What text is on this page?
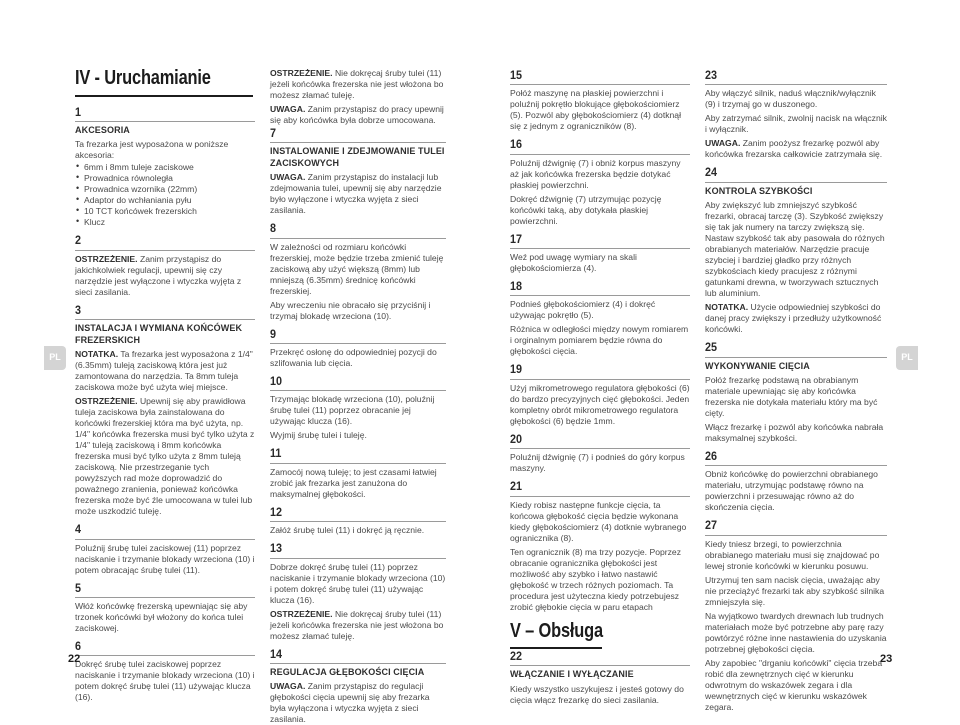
PL	PL
IV - Uruchamianie
1
AKCESORIA
Ta frezarka jest wyposażona w poniższe akcesoria:
• 6mm i 8mm tuleje zaciskowe
• Prowadnica równoległa
• Prowadnica wzornika (22mm)
• Adaptor do wchłaniania pyłu
• 10 TCT końcówek frezerskich
• Klucz
2
OSTRZEŻENIE. Zanim przystąpisz do jakichkolwiek regulacji, upewnij się czy narzędzie jest wyłączone i wtyczka wyjęta z sieci zasilania.
3
INSTALACJA I WYMIANA KOŃCÓWEK FREZERSKICH
NOTATKA. Ta frezarka jest wyposażona z 1/4" (6.35mm) tuleją zaciskową która jest już zamontowana do narzędzia. Ta 8mm tuleja zaciskowa może być użyta wiej miejsce.
OSTRZEŻENIE. Upewnij się aby prawidłowa tuleja zaciskowa była zainstalowana do końcówki frezerskiej która ma być użyta, np. 1/4" końcówka frezerska musi być tylko użyta z 1/4" tuleją zaciskową i 8mm końcówka frezerska musi być tylko użyta z 8mm tuleją zaciskową. Nie przestrzeganie tych powyższych rad może doprowadzić do poważnego zranienia, ponieważ końcówka frezerska może być źle umocowana w tulei lub może uszkodzić tuleję.
4
Poluźnij śrubę tulei zaciskowej (11) poprzez naciskanie i trzymanie blokady wrzeciona (10) i potem obracając śrubę tulei (11).
5
Włóż końcówkę frezerską upewniając się aby trzonek końcówki był włożony do końca tulei zaciskowej.
6
Dokręć śrubę tulei zaciskowej poprzez naciskanie i trzymanie blokady wrzeciona (10) i potem dokręć śrubę tulei (11) używając klucza (16).
OSTRZEŻENIE. Nie dokręcaj śruby tulei (11) jeżeli końcówka frezerska nie jest włożona bo możesz złamać tuleję.
UWAGA. Zanim przystąpisz do pracy upewnij się aby końcówka była dobrze umocowana.
7
INSTALOWANIE I ZDEJMOWANIE TULEI ZACISKOWYCH
UWAGA. Zanim przystąpisz do instalacji lub zdejmowania tulei, upewnij się aby narzędzie było wyłączone i wtyczka wyjęta z sieci zasilania.
8
W zależności od rozmiaru końcówki frezerskiej, może będzie trzeba zmienić tuleję zaciskową aby użyć większą (8mm) lub mniejszą (6.35mm) średnicę końcówki frezerskiej.
Aby wreczeniu nie obracało się przyciśnij i trzymaj blokadę wrzeciona (10).
9
Przekręć osłonę do odpowiedniej pozycji do szlifowania lub cięcia.
10
Trzymając blokadę wrzeciona (10), poluźnij śrubę tulei (11) poprzez obracanie jej używając klucza (16).
Wyjmij śrubę tulei i tuleję.
11
Zamocój nową tuleję; to jest czasami łatwiej zrobić jak frezarka jest zanużona do maksymalnej głębokości.
12
Załóż śrubę tulei (11) i dokręć ją ręcznie.
13
Dobrze dokręć śrubę tulei (11) poprzez naciskanie i trzymanie blokady wrzeciona (10) i potem dokręć śrubę tulei (11) używając klucza (16).
OSTRZEŻENIE. Nie dokręcaj śruby tulei (11) jeżeli końcówka frezerska nie jest włożona bo możesz złamać tuleję.
14
REGULACJA GŁĘBOKOŚCI CIĘCIA
UWAGA. Zanim przystąpisz do regulacji głębokości cięcia upewnij się aby frezarka była wyłączona i wtyczka wyjęta z sieci zasilania.
15
Połóż maszynę na płaskiej powierzchni i poluźnij pokrętło blokujące głębokościomierz (5). Pozwól aby głębokościomierz (4) dotknął się z jednym z ograniczników (8).
16
Poluźnij dźwignię (7) i obniż korpus maszyny aż jak końcówka frezerska będzie dotykać płaskiej powierzchni.
Dokręć dźwignię (7) utrzymując pozycję końcówki taką, aby dotykała płaskiej powierzchni.
17
Weź pod uwagę wymiary na skali głębokościomierza (4).
18
Podnieś głębokościomierz (4) i dokręć używając pokrętło (5).
Różnica w odległości między nowym romiarem i orginalnym pomiarem będzie równa do głębokości cięcia.
19
Użyj mikrometrowego regulatora głębokości (6) do bardzo precyzyjnych cięć głębokości. Jeden kompletny obrót mikrometrowego regulatora głębokości (6) będzie 1mm.
20
Poluźnij dźwignię (7) i podnieś do góry korpus maszyny.
21
Kiedy robisz następne funkcje cięcia, ta końcowa głębokość cięcia będzie wykonana kiedy głębokościomierz (4) dotknie wybranego ogranicznika (8).
Ten ogranicznik (8) ma trzy pozycje. Poprzez obracanie ogranicznika głębokości jest możliwość aby szybko i łatwo nastawić głębokość w trzech różnych poziomach. Ta procedura jest użyteczna kiedy potrzebujesz zrobić głębokie cięcia w paru etapach
V – Obsługa
22
WŁĄCZANIE I WYŁĄCZANIE
Kiedy wszystko uszykujesz i jesteś gotowy do cięcia włącz frezarkę do sieci zasilania.
23
Aby włączyć silnik, naduś włącznik/wyłącznik (9) i trzymaj go w duszonego.
Aby zatrzymać silnik, zwolnij nacisk na włącznik i wyłącznik.
UWAGA. Zanim poożysz frezarkę pozwól aby końcówka frezarska całkowicie zatrzymała się.
24
KONTROLA SZYBKOŚCI
Aby zwiększyć lub zmniejszyć szybkość frezarki, obracaj tarczę (3). Szybkość zwiększy się tak jak numery na tarczy zwiększą się. Nastaw szybkość tak aby pasowała do różnych obrabianych materiałów. Narzędzie pracuje szybciej i bardziej gładko przy różnych szybkościach kiedy pracujesz z różnymi gatunkami drewna, w tworzywach sztucznych lub aluminium.
NOTATKA. Użycie odpowiedniej szybkości do danej pracy zwiększy i przedłuży użytkowność końcówki.
25
WYKONYWANIE CIĘCIA
Połóż frezarkę podstawą na obrabianym materiale upewniając się aby końcówka frezerska nie dotykała materiału który ma być cięty.
Włącz frezarkę i pozwól aby końcówka nabrała maksymalnej szybkości.
26
Obniż końcówkę do powierzchni obrabianego materiału, utrzymując podstawę równo na powierzchni i przesuwając równo aż do skończenia cięcia.
27
Kiedy tniesz brzegi, to powierzchnia obrabianego materiału musi się znajdować po lewej stronie końcówki w kierunku posuwu.
Utrzymuj ten sam nacisk cięcia, uważając aby nie przeciążyć frezarki tak aby szybkość silnika zmniejszyła się.
Na wyjątkowo twardych drewnach lub trudnych materiałach może być potrzebne aby parę razy powtórzyć różne inne nastawienia do uzyskania potrzebnej głębokości cięcia.
Aby zapobiec "drganiu końcówki" cięcia trzeba robić dla zewnętrznych cięć w kierunku odwrotnym do wskazówek zegara i dla wewnętrznych cięć w kierunku wskazówek zegara.
22	23
